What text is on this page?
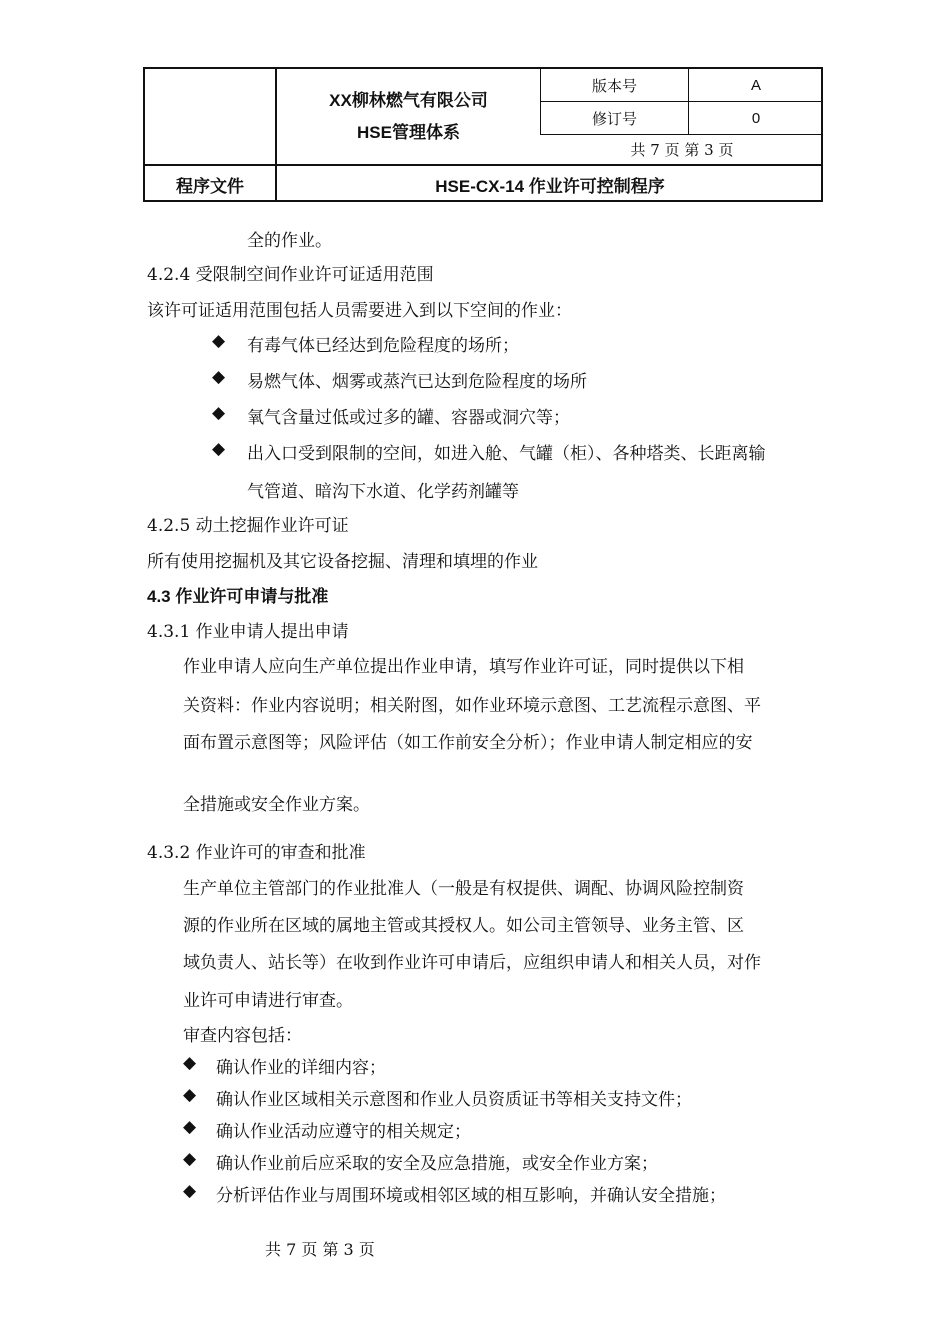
XX柳林燃气有限公司
HSE管理体系
版本号	A
修订号	0
共 7 页 第 3 页
程序文件	HSE-CX-14 作业许可控制程序
全的作业。
4.2.4 受限制空间作业许可证适用范围
该许可证适用范围包括人员需要进入到以下空间的作业：
◆ 有毒气体已经达到危险程度的场所；
◆ 易燃气体、烟雾或蒸汽已达到危险程度的场所
◆ 氧气含量过低或过多的罐、容器或洞穴等；
◆ 出入口受到限制的空间，如进入舱、气罐（柜）、各种塔类、长距离输
气管道、暗沟下水道、化学药剂罐等
4.2.5 动土挖掘作业许可证
所有使用挖掘机及其它设备挖掘、清理和填埋的作业
4.3 作业许可申请与批准
4.3.1 作业申请人提出申请
作业申请人应向生产单位提出作业申请，填写作业许可证，同时提供以下相
关资料：作业内容说明；相关附图，如作业环境示意图、工艺流程示意图、平
面布置示意图等；风险评估（如工作前安全分析）；作业申请人制定相应的安
全措施或安全作业方案。
4.3.2 作业许可的审查和批准
生产单位主管部门的作业批准人（一般是有权提供、调配、协调风险控制资
源的作业所在区域的属地主管或其授权人。如公司主管领导、业务主管、区
域负责人、站长等）在收到作业许可申请后，应组织申请人和相关人员，对作
业许可申请进行审查。
审查内容包括：
◆ 确认作业的详细内容；
◆ 确认作业区域相关示意图和作业人员资质证书等相关支持文件；
◆ 确认作业活动应遵守的相关规定；
◆ 确认作业前后应采取的安全及应急措施，或安全作业方案；
◆ 分析评估作业与周围环境或相邻区域的相互影响，并确认安全措施；
共 7 页 第 3 页
